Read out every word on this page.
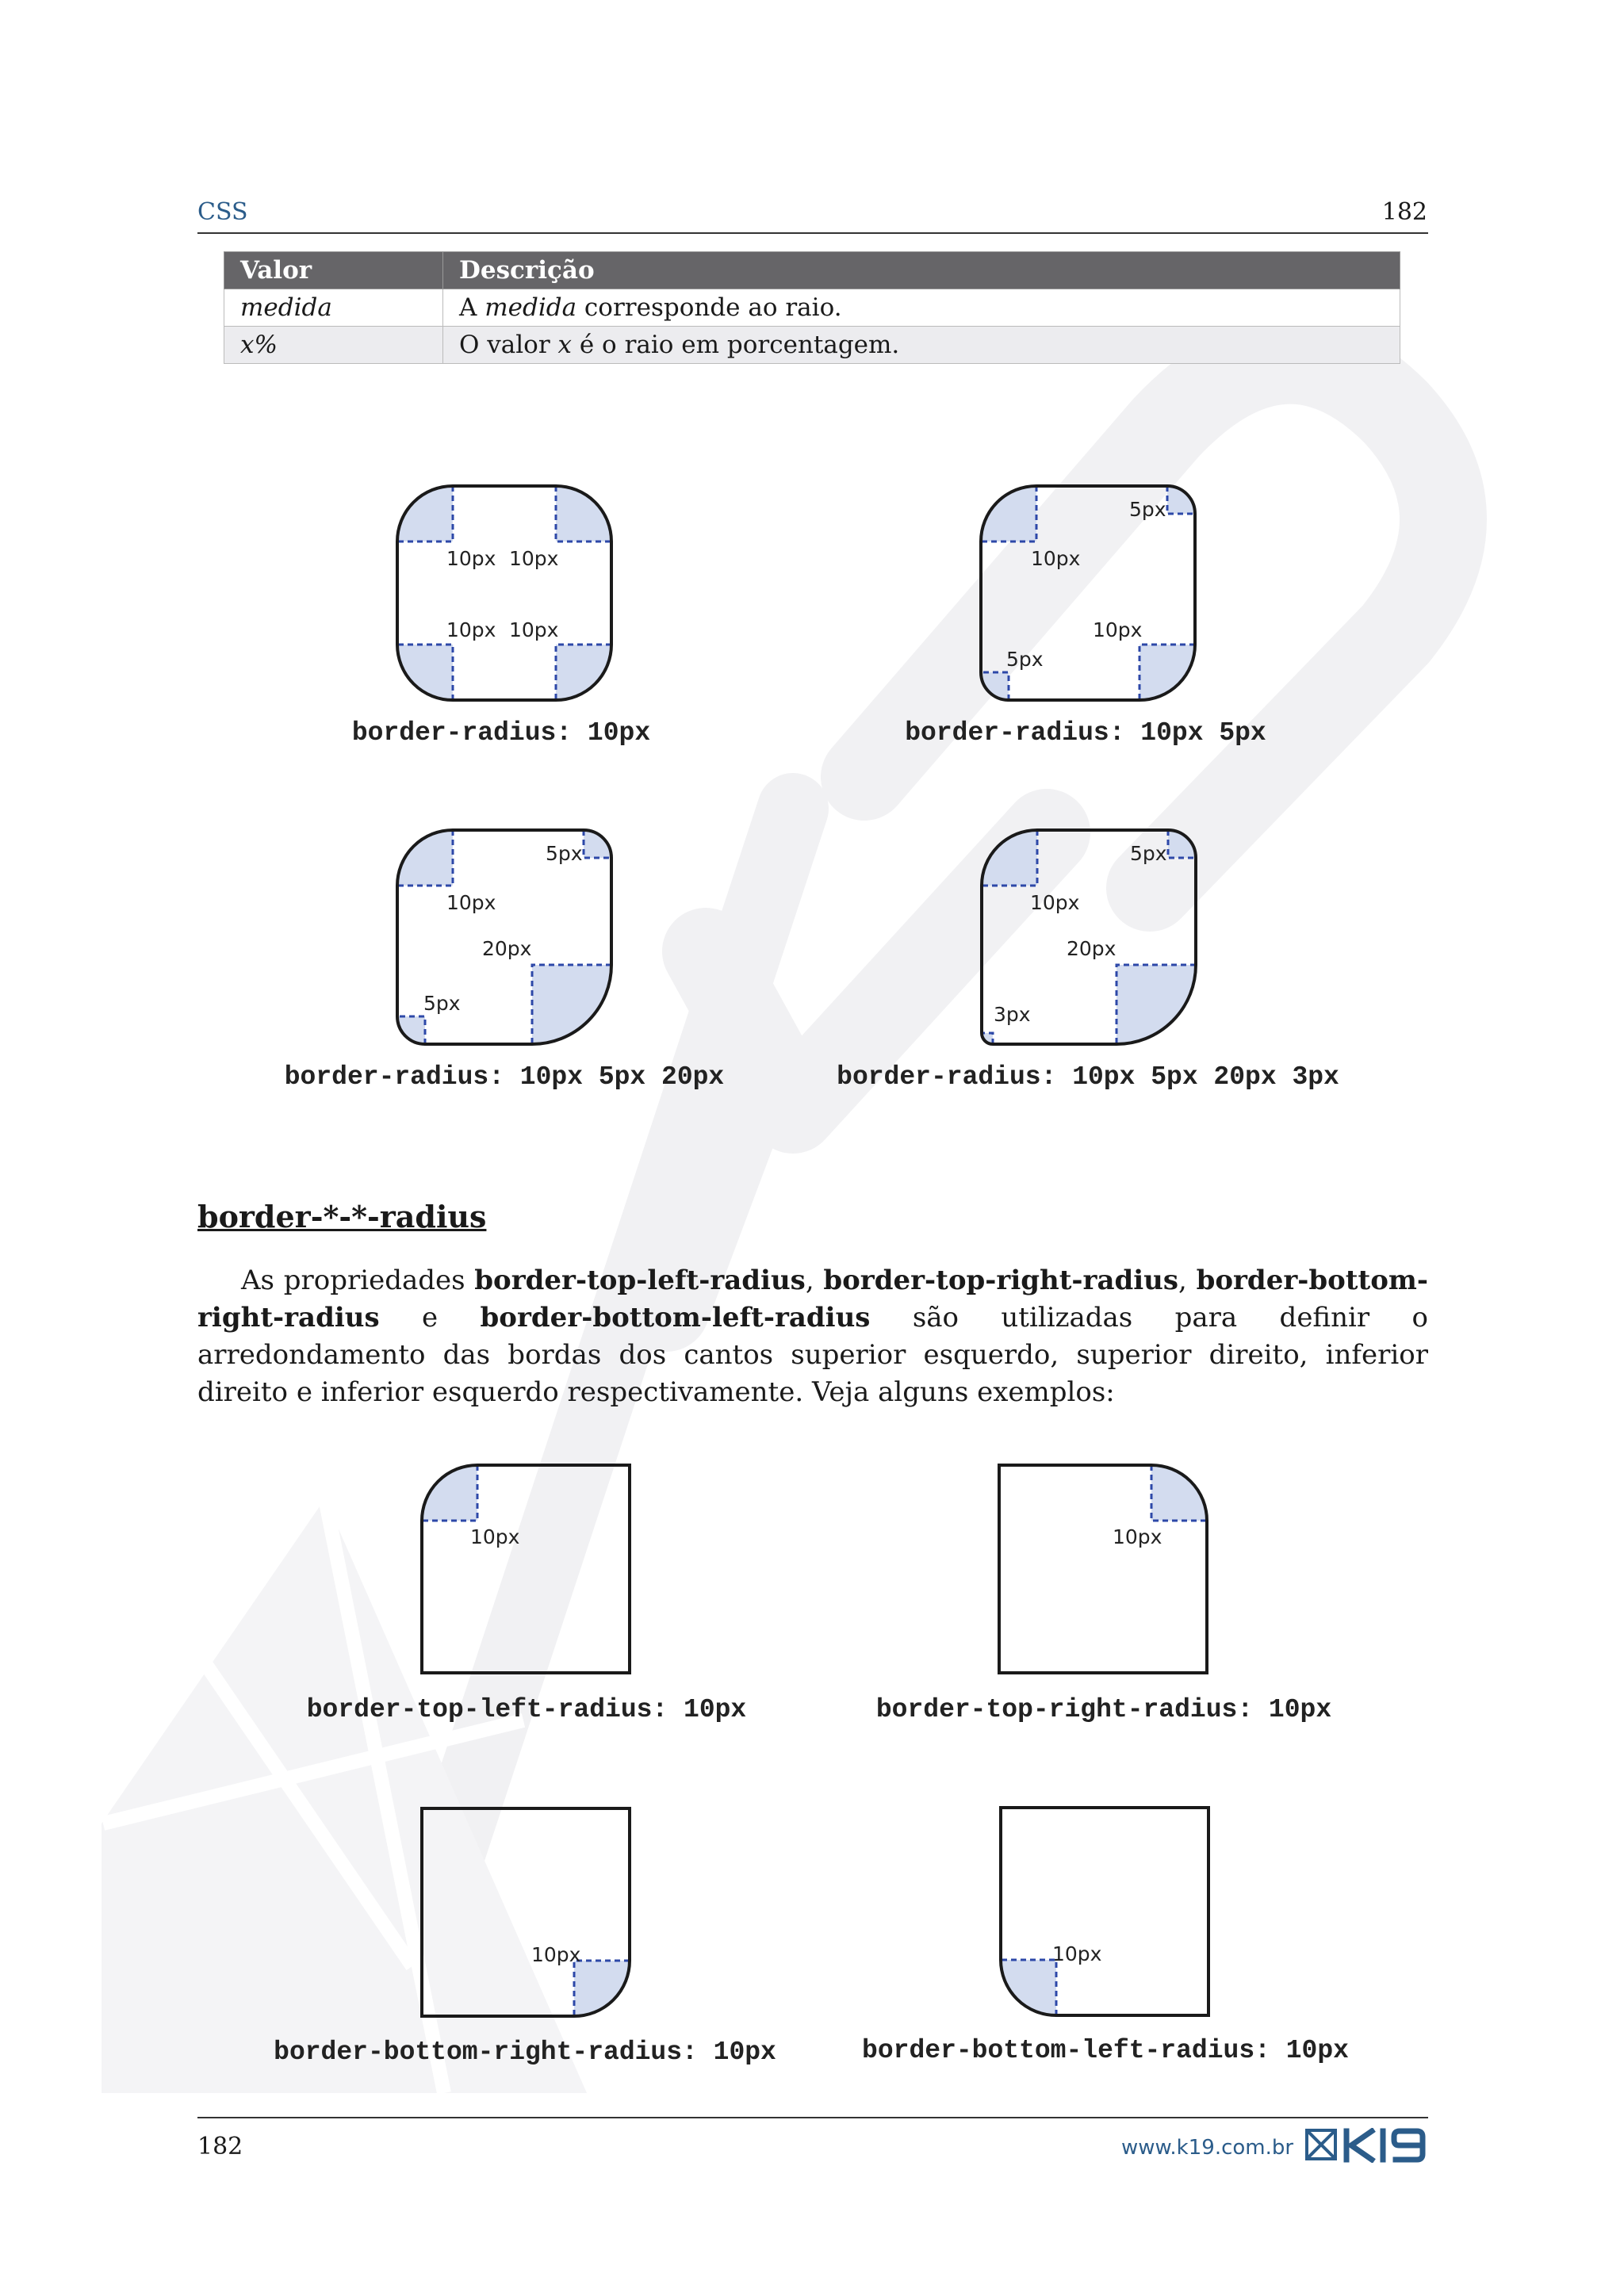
CSS	182
Valor	Descrição
medida	A medida corresponde ao raio.
x%	O valor x é o raio em porcentagem.
10px 10px
10px 10px
border-radius: 10px
5px
10px
10px
5px
border-radius: 10px 5px
5px
10px
20px
5px
border-radius: 10px 5px 20px
5px
10px
20px
3px
border-radius: 10px 5px 20px 3px
border-*-*-radius
As propriedades border-top-left-radius, border-top-right-radius, border-bottom-right-radius e border-bottom-left-radius são utilizadas para definir o arredondamento das bordas dos cantos superior esquerdo, superior direito, inferior direito e inferior esquerdo respectivamente. Veja alguns exemplos:
10px
border-top-left-radius: 10px
10px
border-top-right-radius: 10px
10px
border-bottom-right-radius: 10px
10px
border-bottom-left-radius: 10px
182	www.k19.com.br
